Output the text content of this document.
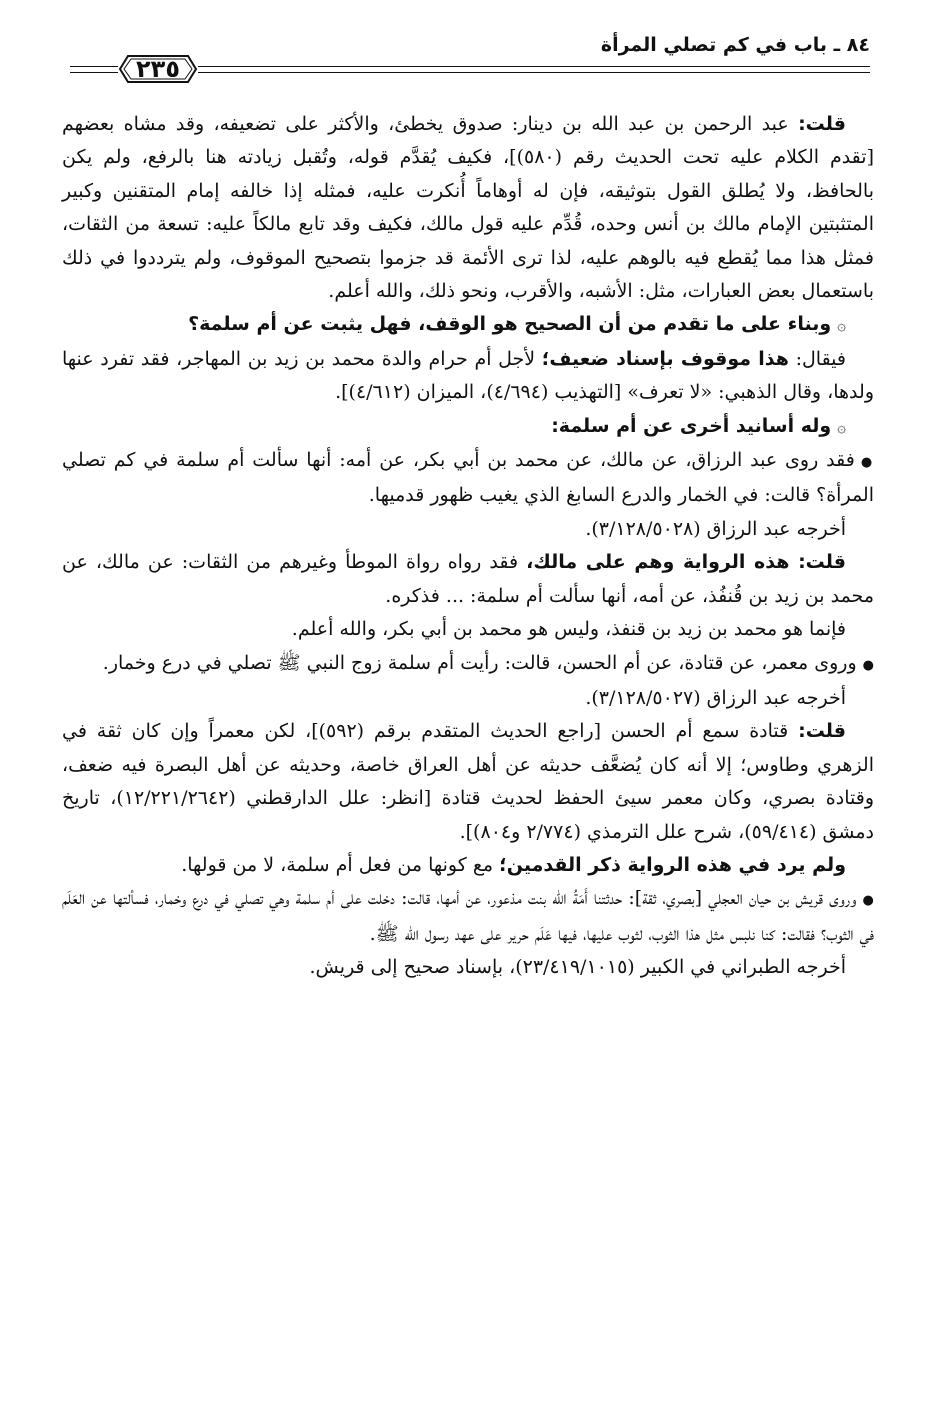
٢٣٥
٨٤ ـ باب في كم تصلي المرأة

قلت: عبد الرحمن بن عبد الله بن دينار: صدوق يخطئ، والأكثر على تضعيفه، وقد مشاه بعضهم [تقدم الكلام عليه تحت الحديث رقم (٥٨٠)]، فكيف يُقدَّم قوله، وتُقبل زيادته هنا بالرفع، ولم يكن بالحافظ، ولا يُطلق القول بتوثيقه، فإن له أوهاماً أُنكرت عليه، فمثله إذا خالفه إمام المتقنين وكبير المتثبتين الإمام مالك بن أنس وحده، قُدِّم عليه قول مالك، فكيف وقد تابع مالكاً عليه: تسعة من الثقات، فمثل هذا مما يُقطع فيه بالوهم عليه، لذا ترى الأئمة قد جزموا بتصحيح الموقوف، ولم يترددوا في ذلك باستعمال بعض العبارات، مثل: الأشبه، والأقرب، ونحو ذلك، والله أعلم.

۞وبناء على ما تقدم من أن الصحيح هو الوقف، فهل يثبت عن أم سلمة؟

فيقال: هذا موقوف بإسناد ضعيف؛ لأجل أم حرام والدة محمد بن زيد بن المهاجر، فقد تفرد عنها ولدها، وقال الذهبي: «لا تعرف» [التهذيب (٤/٦٩٤)، الميزان (٤/٦١٢)].

۞وله أسانيد أخرى عن أم سلمة:

●فقد روى عبد الرزاق، عن مالك، عن محمد بن أبي بكر، عن أمه: أنها سألت أم سلمة في كم تصلي المرأة؟ قالت: في الخمار والدرع السابغ الذي يغيب ظهور قدميها.

أخرجه عبد الرزاق (٣/١٢٨/٥٠٢٨).

قلت: هذه الرواية وهم على مالك، فقد رواه رواة الموطأ وغيرهم من الثقات: عن مالك، عن محمد بن زيد بن قُنفُذ، عن أمه، أنها سألت أم سلمة: ... فذكره.

فإنما هو محمد بن زيد بن قنفذ، وليس هو محمد بن أبي بكر، والله أعلم.

●وروى معمر، عن قتادة، عن أم الحسن، قالت: رأيت أم سلمة زوج النبي ﷺ تصلي في درع وخمار.

أخرجه عبد الرزاق (٣/١٢٨/٥٠٢٧).

قلت: قتادة سمع أم الحسن [راجع الحديث المتقدم برقم (٥٩٢)]، لكن معمراً وإن كان ثقة في الزهري وطاوس؛ إلا أنه كان يُضعَّف حديثه عن أهل العراق خاصة، وحديثه عن أهل البصرة فيه ضعف، وقتادة بصري، وكان معمر سيئ الحفظ لحديث قتادة [انظر: علل الدارقطني (١٢/٢٢١/٢٦٤٢)، تاريخ دمشق (٥٩/٤١٤)، شرح علل الترمذي (٢/٧٧٤ و٨٠٤)].

ولم يرد في هذه الرواية ذكر القدمين؛ مع كونها من فعل أم سلمة، لا من قولها.

●وروى قريش بن حيان العجلي [بصري، ثقة]: حدثتنا أَمَةُ الله بنت مذعور، عن أمها، قالت: دخلت على أم سلمة وهي تصلي في درع وخمار، فسألتها عن العَلَم في الثوب؟ فقالت: كنا نلبس مثل هذا الثوب، لثوب عليها، فيها عَلَم حرير على عهد رسول الله ﷺ.

أخرجه الطبراني في الكبير (٢٣/٤١٩/١٠١٥)، بإسناد صحيح إلى قريش.
